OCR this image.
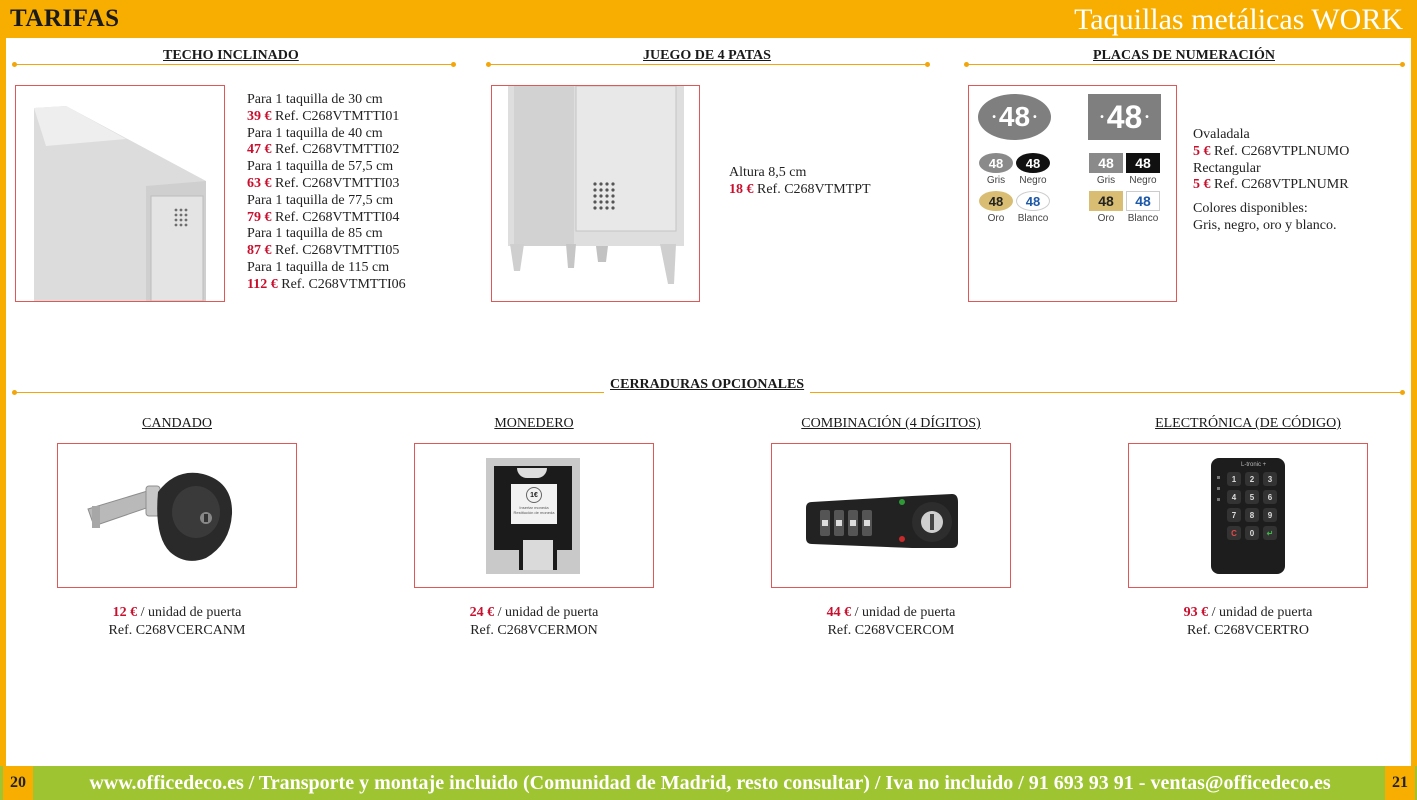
TARIFAS	Taquillas metálicas WORK
TECHO INCLINADO
Para 1 taquilla de 30 cm
39 € Ref. C268VTMTTI01
Para 1 taquilla de 40 cm
47 € Ref. C268VTMTTI02
Para 1 taquilla de 57,5 cm
63 € Ref. C268VTMTTI03
Para 1 taquilla de 77,5 cm
79 € Ref. C268VTMTTI04
Para 1 taquilla de 85 cm
87 € Ref. C268VTMTTI05
Para 1 taquilla de 115 cm
112 € Ref. C268VTMTTI06
JUEGO DE 4 PATAS
Altura 8,5 cm
18 € Ref. C268VTMTPT
PLACAS DE NUMERACIÓN
• 48 •	• 48 •
48	48
Gris	Negro
48	48
Oro	Blanco
48	48
Gris	Negro
48	48
Oro	Blanco
Ovaladala
5 € Ref. C268VTPLNUMO
Rectangular
5 € Ref. C268VTPLNUMR
Colores disponibles:
Gris, negro, oro y blanco.
CERRADURAS OPCIONALES
CANDADO
12 € / unidad de puerta
Ref. C268VCERCANM
MONEDERO
1€
Insertar moneda Restitución de moneda
24 € / unidad de puerta
Ref. C268VCERMON
COMBINACIÓN (4 DÍGITOS)
44 € / unidad de puerta
Ref. C268VCERCOM
ELECTRÓNICA (DE CÓDIGO)
L-tronic +
1	2	3
4	5	6
7	8	9
C	0	↵
93 € / unidad de puerta
Ref. C268VCERTRO
20	21
www.officedeco.es / Transporte y montaje incluido (Comunidad de Madrid, resto consultar) / Iva no incluido / 91 693 93 91 - ventas@officedeco.es
